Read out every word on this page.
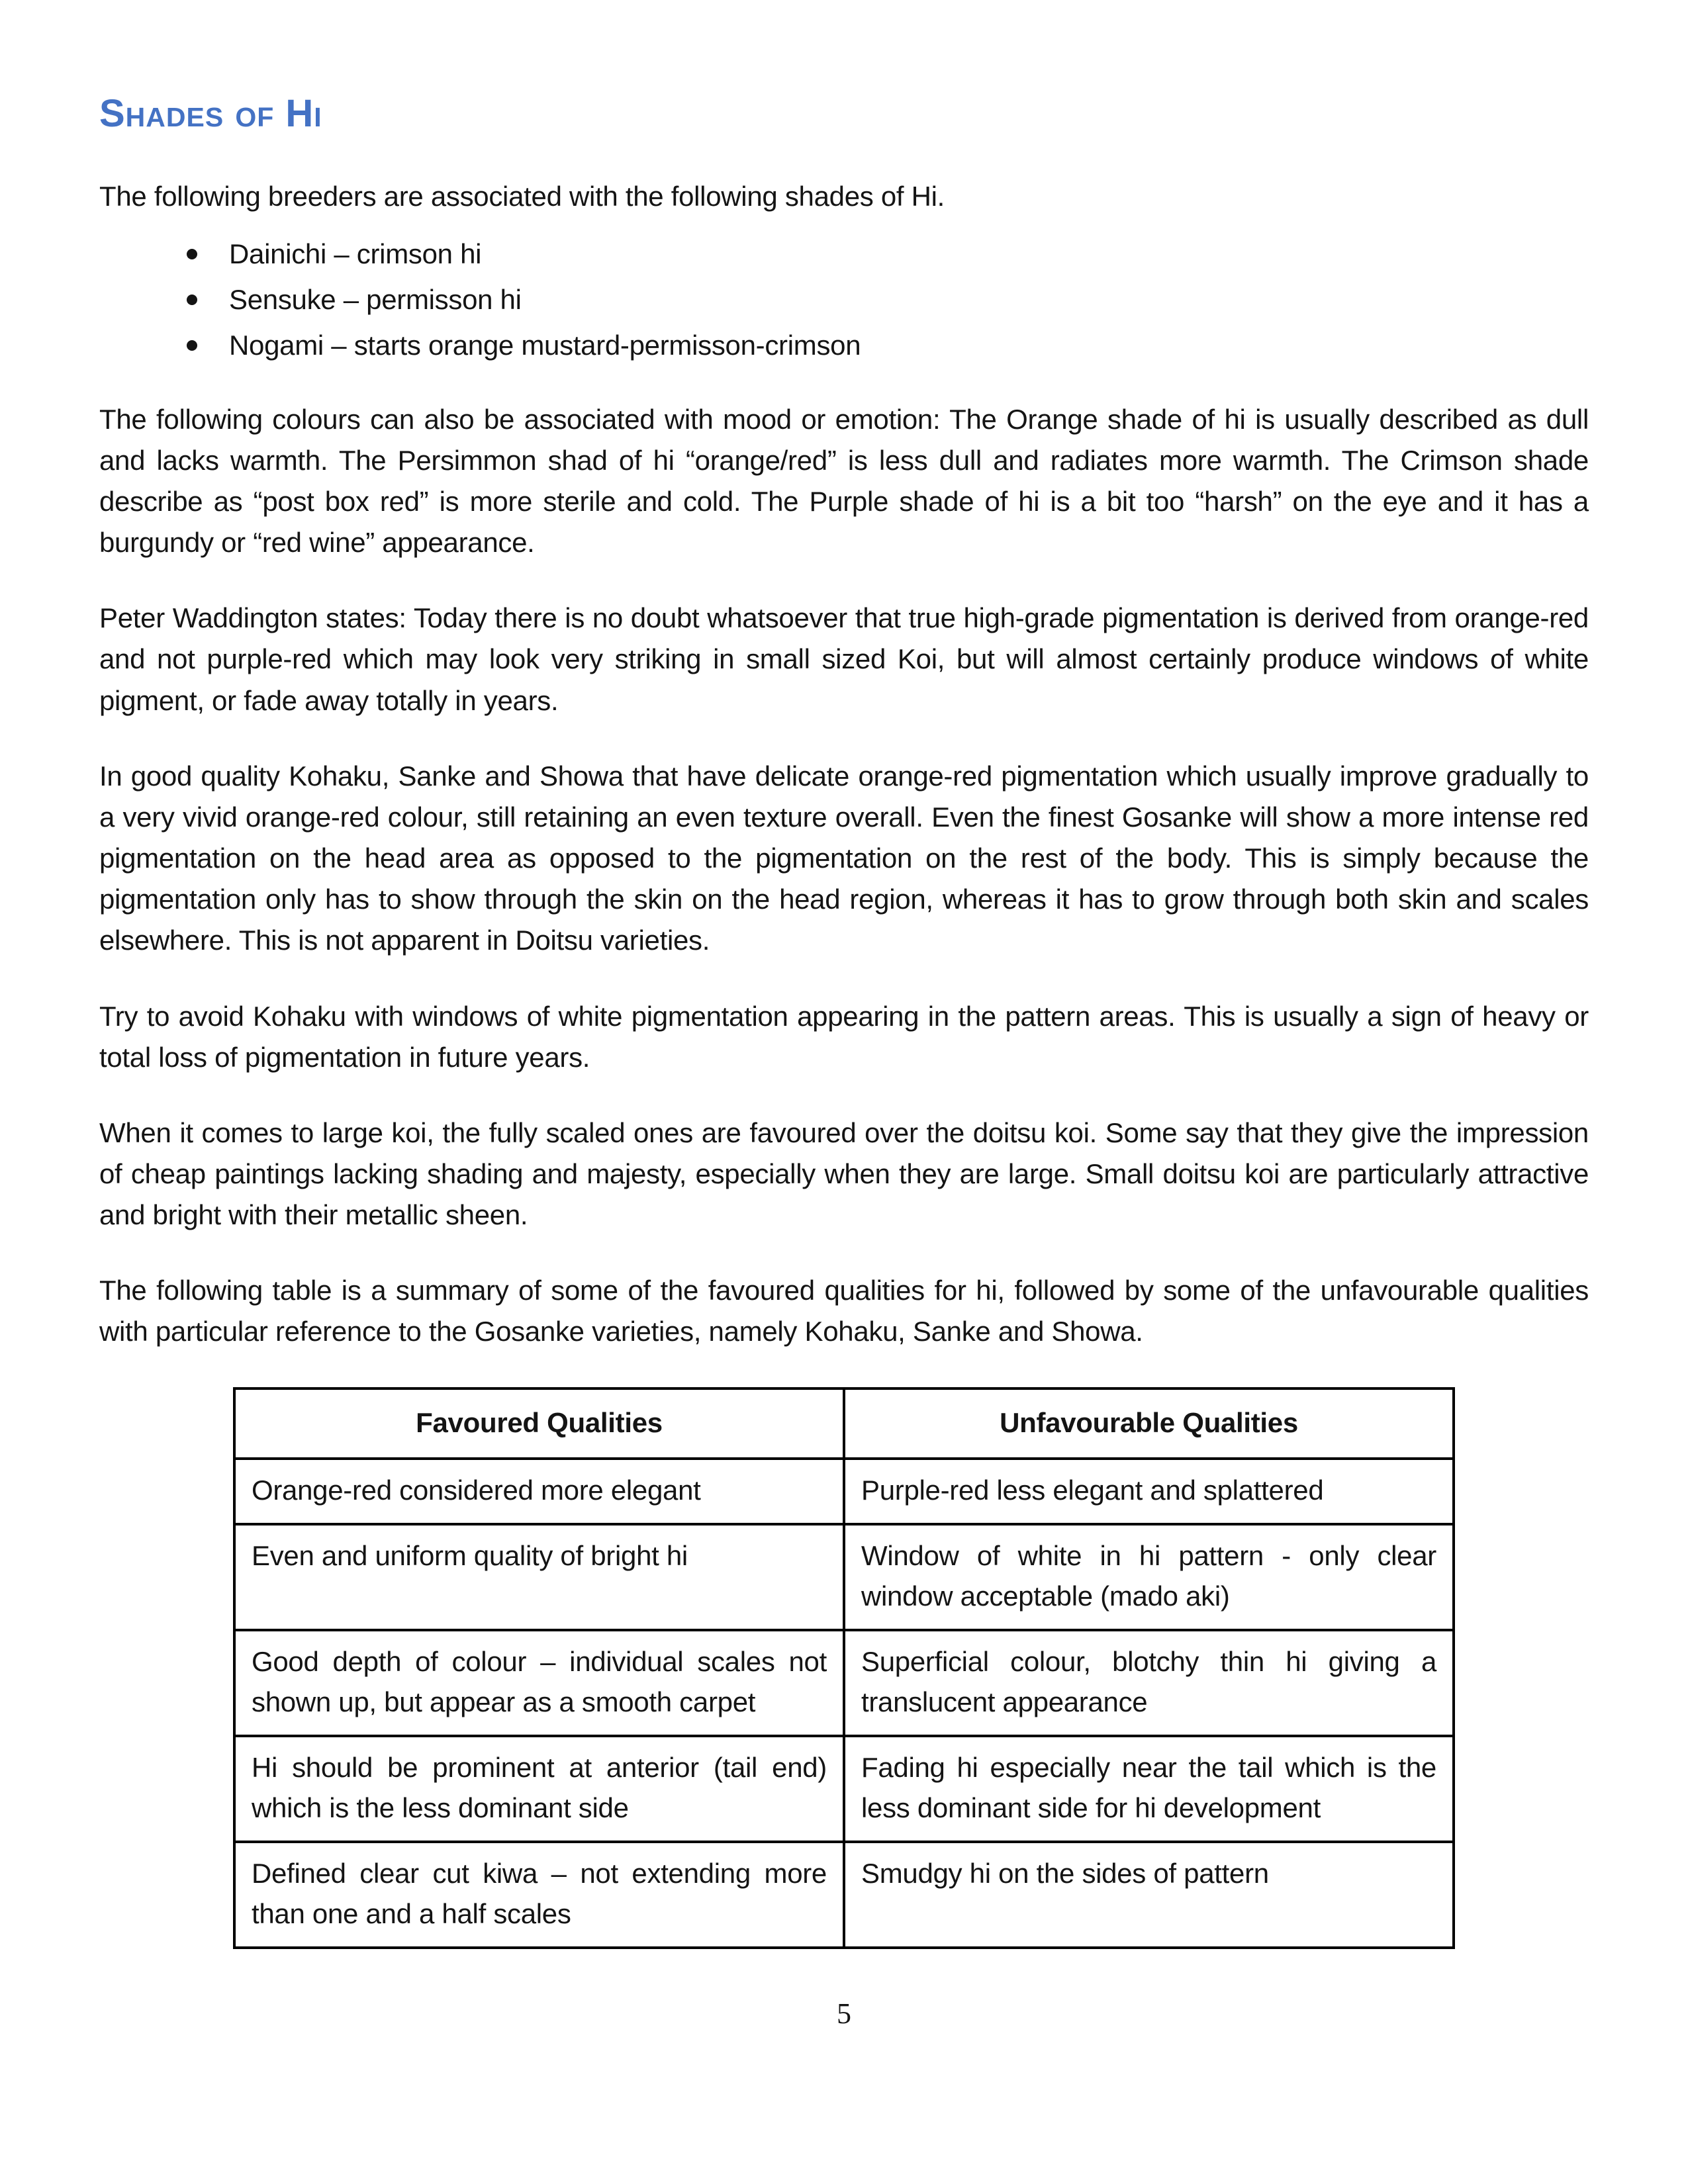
Shades of Hi

The following breeders are associated with the following shades of Hi.

Dainichi – crimson hi
Sensuke – permisson hi
Nogami – starts orange mustard-permisson-crimson

The following colours can also be associated with mood or emotion: The Orange shade of hi is usually described as dull and lacks warmth. The Persimmon shad of hi “orange/red” is less dull and radiates more warmth. The Crimson shade describe as “post box red” is more sterile and cold. The Purple shade of hi is a bit too “harsh” on the eye and it has a burgundy or “red wine” appearance.

Peter Waddington states: Today there is no doubt whatsoever that true high-grade pigmentation is derived from orange-red and not purple-red which may look very striking in small sized Koi, but will almost certainly produce windows of white pigment, or fade away totally in years.

In good quality Kohaku, Sanke and Showa that have delicate orange-red pigmentation which usually improve gradually to a very vivid orange-red colour, still retaining an even texture overall. Even the finest Gosanke will show a more intense red pigmentation on the head area as opposed to the pigmentation on the rest of the body. This is simply because the pigmentation only has to show through the skin on the head region, whereas it has to grow through both skin and scales elsewhere. This is not apparent in Doitsu varieties.

Try to avoid Kohaku with windows of white pigmentation appearing in the pattern areas. This is usually a sign of heavy or total loss of pigmentation in future years.

When it comes to large koi, the fully scaled ones are favoured over the doitsu koi. Some say that they give the impression of cheap paintings lacking shading and majesty, especially when they are large. Small doitsu koi are particularly attractive and bright with their metallic sheen.

The following table is a summary of some of the favoured qualities for hi, followed by some of the unfavourable qualities with particular reference to the Gosanke varieties, namely Kohaku, Sanke and Showa.

Favoured Qualities	Unfavourable Qualities
Orange-red considered more elegant	Purple-red less elegant and splattered
Even and uniform quality of bright hi	Window of white in hi pattern - only clear window acceptable (mado aki)
Good depth of colour – individual scales not shown up, but appear as a smooth carpet	Superficial colour, blotchy thin hi giving a translucent appearance
Hi should be prominent at anterior (tail end) which is the less dominant side	Fading hi especially near the tail which is the less dominant side for hi development
Defined clear cut kiwa – not extending more than one and a half scales	Smudgy hi on the sides of pattern
5
